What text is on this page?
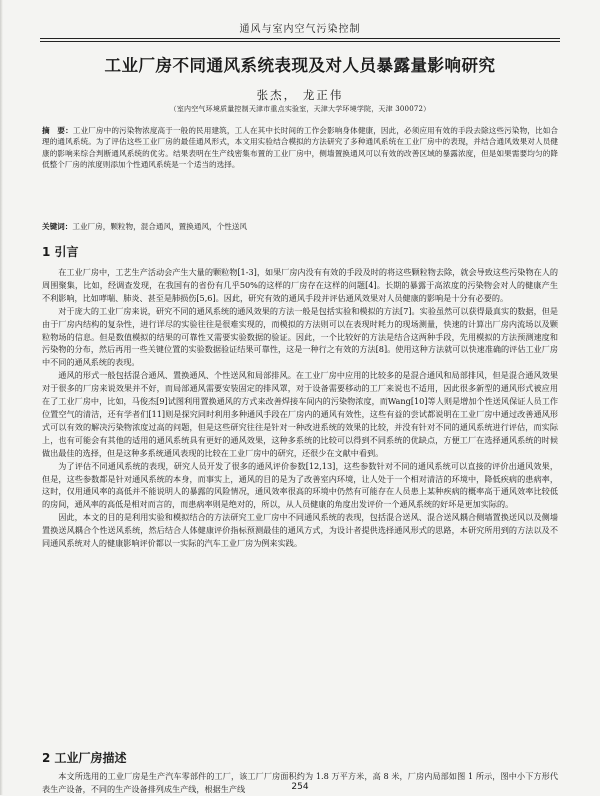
通风与室内空气污染控制
工业厂房不同通风系统表现及对人员暴露量影响研究
张杰， 龙正伟
（室内空气环境质量控制天津市重点实验室，天津大学环境学院，天津 300072）
摘　要：工业厂房中的污染物浓度高于一般的民用建筑，工人在其中长时间的工作会影响身体健康，因此，必须应用有效的手段去除这些污染物，比如合理的通风系统。为了评估这些工业厂房的最佳通风形式，本文用实验结合模拟的方法研究了多种通风系统在工业厂房中的表现，并结合通风效果对人员健康的影响来综合判断通风系统的优劣。结果表明在生产线密集布置的工业厂房中，侧墙置换通风可以有效的改善区域的暴露浓度，但是如果需要均匀的降低整个厂房的浓度则添加个性通风系统是一个适当的选择。
关键词：工业厂房，颗粒物，混合通风，置换通风，个性送风
1 引言

在工业厂房中，工艺生产活动会产生大量的颗粒物[1-3]，如果厂房内没有有效的手段及时的将这些颗粒物去除，就会导致这些污染物在人的周围聚集，比如，经调查发现，在我国有的省份有几乎50%的这样的厂房存在这样的问题[4]。长期的暴露于高浓度的污染物会对人的健康产生不利影响，比如哮喘、肺炎、甚至是肺损伤[5,6]。因此，研究有效的通风手段并评估通风效果对人员健康的影响是十分有必要的。

对于庞大的工业厂房来说，研究不同的通风系统的通风效果的方法一般是包括实验和模拟的方法[7]。实验虽然可以获得最真实的数据，但是由于厂房内结构的复杂性，进行详尽的实验往往是很难实现的，而模拟的方法则可以在表现时耗力的现场测量，快速的计算出厂房内流场以及颗粒物场的信息。但是数值模拟的结果的可靠性又需要实验数据的验证。因此，一个比较好的方法是结合这两种手段，先用模拟的方法预测速度和污染物的分布，然后再用一些关键位置的实验数据验证结果可靠性，这是一种行之有效的方法[8]。使用这种方法就可以快速准确的评估工业厂房中不同的通风系统的表现。

通风的形式一般包括混合通风、置换通风、个性送风和局部排风。在工业厂房中应用的比较多的是混合通风和局部排风，但是混合通风效果对于很多的厂房来说效果并不好，而局部通风需要安装固定的排风罩，对于设备需要移动的工厂来说也不适用，因此很多新型的通风形式被应用在了工业厂房中，比如，马俊杰[9]试图利用置换通风的方式来改善焊接车间内的污染物浓度，而Wang[10]等人则是增加个性送风保证人员工作位置空气的清洁，还有学者们[11]则是探究同时利用多种通风手段在厂房内的通风有效性，这些有益的尝试都说明在工业厂房中通过改善通风形式可以有效的解决污染物浓度过高的问题，但是这些研究往往是针对一种改进系统的效果的比较，并没有针对不同的通风系统进行评估，而实际上，也有可能会有其他的适用的通风系统具有更好的通风效果，这种多系统的比较可以得到不同系统的优缺点，方便工厂在选择通风系统的时候做出最佳的选择，但是这种多系统通风表现的比较在工业厂房中的研究，还很少在文献中看到。

为了评估不同通风系统的表现，研究人员开发了很多的通风评价参数[12,13]，这些参数针对不同的通风系统可以直接的评价出通风效果，但是，这些参数都是针对通风系统的本身，而事实上，通风的目的是为了改善室内环境，让人处于一个相对清洁的环境中，降低疾病的患病率，这时，仅用通风率的高低并不能说明人的暴露的风险情况，通风效率很高的环境中仍然有可能存在人员患上某种疾病的概率高于通风效率比较低的房间，通风率的高低是相对而言的，而患病率则是绝对的，所以，从人员健康的角度出发评价一个通风系统的好坏是更加实际的。

因此，本文的目的是利用实验和模拟结合的方法研究工业厂房中不同通风系统的表现，包括混合送风、混合送风耦合侧墙置换送风以及侧墙置换送风耦合个性送风系统，然后结合人体健康评价指标预测最佳的通风方式，为设计者提供选择通风形式的思路，本研究所用到的方法以及不同通风系统对人的健康影响评价都以一实际的汽车工业厂房为例来实践。

2 工业厂房描述

本文所选用的工业厂房是生产汽车零部件的工厂，该工厂厂房面积约为 1.8 万平方米，高 8 米，厂房内局部如图 1 所示，图中小下方形代表生产设备，不同的生产设备排列成生产线，根据生产线	254
